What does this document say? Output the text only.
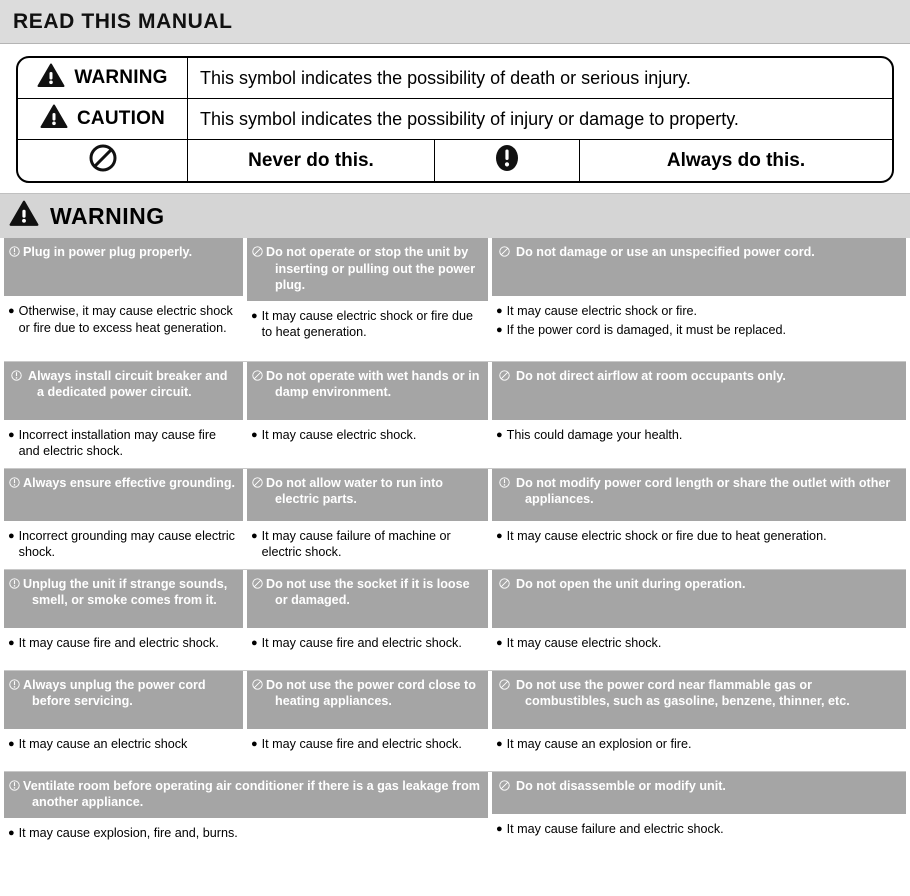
READ THIS MANUAL
WARNING	This symbol indicates the possibility of death or serious injury.
CAUTION	This symbol indicates the possibility of injury or damage to property.
Never do this.	Always do this.
WARNING
Plug in power plug properly.
● Otherwise, it may cause electric shock or fire due to excess heat generation.
Do not operate or stop the unit by inserting or pulling out the power plug.
● It may cause electric shock or fire due to heat generation.
Do not damage or use an unspecified power cord.
● It may cause electric shock or fire.
● If the power cord is damaged, it must be replaced.
Always install circuit breaker and a dedicated power circuit.
● Incorrect installation may cause fire and electric shock.
Do not operate with wet hands or in damp environment.
● It may cause electric shock.
Do not direct airflow at room occupants only.
● This could damage your health.
Always ensure effective grounding.
● Incorrect grounding may cause electric shock.
Do not allow water to run into electric parts.
● It may cause failure of machine or electric shock.
Do not modify power cord length or share the outlet with other appliances.
● It may cause electric shock or fire due to heat generation.
Unplug the unit if strange sounds, smell, or smoke comes from it.
● It may cause fire and electric shock.
Do not use the socket if it is loose or damaged.
● It may cause fire and electric shock.
Do not open the unit during operation.
● It may cause electric shock.
Always unplug the power cord before servicing.
● It may cause an electric shock
Do not use the power cord close to heating appliances.
● It may cause fire and electric shock.
Do not use the power cord near flammable gas or combustibles, such as gasoline, benzene, thinner, etc.
● It may cause an explosion or fire.
Ventilate room before operating air conditioner if there is a gas leakage from another appliance.
● It may cause explosion, fire and, burns.
Do not disassemble or modify unit.
● It may cause failure and electric shock.
